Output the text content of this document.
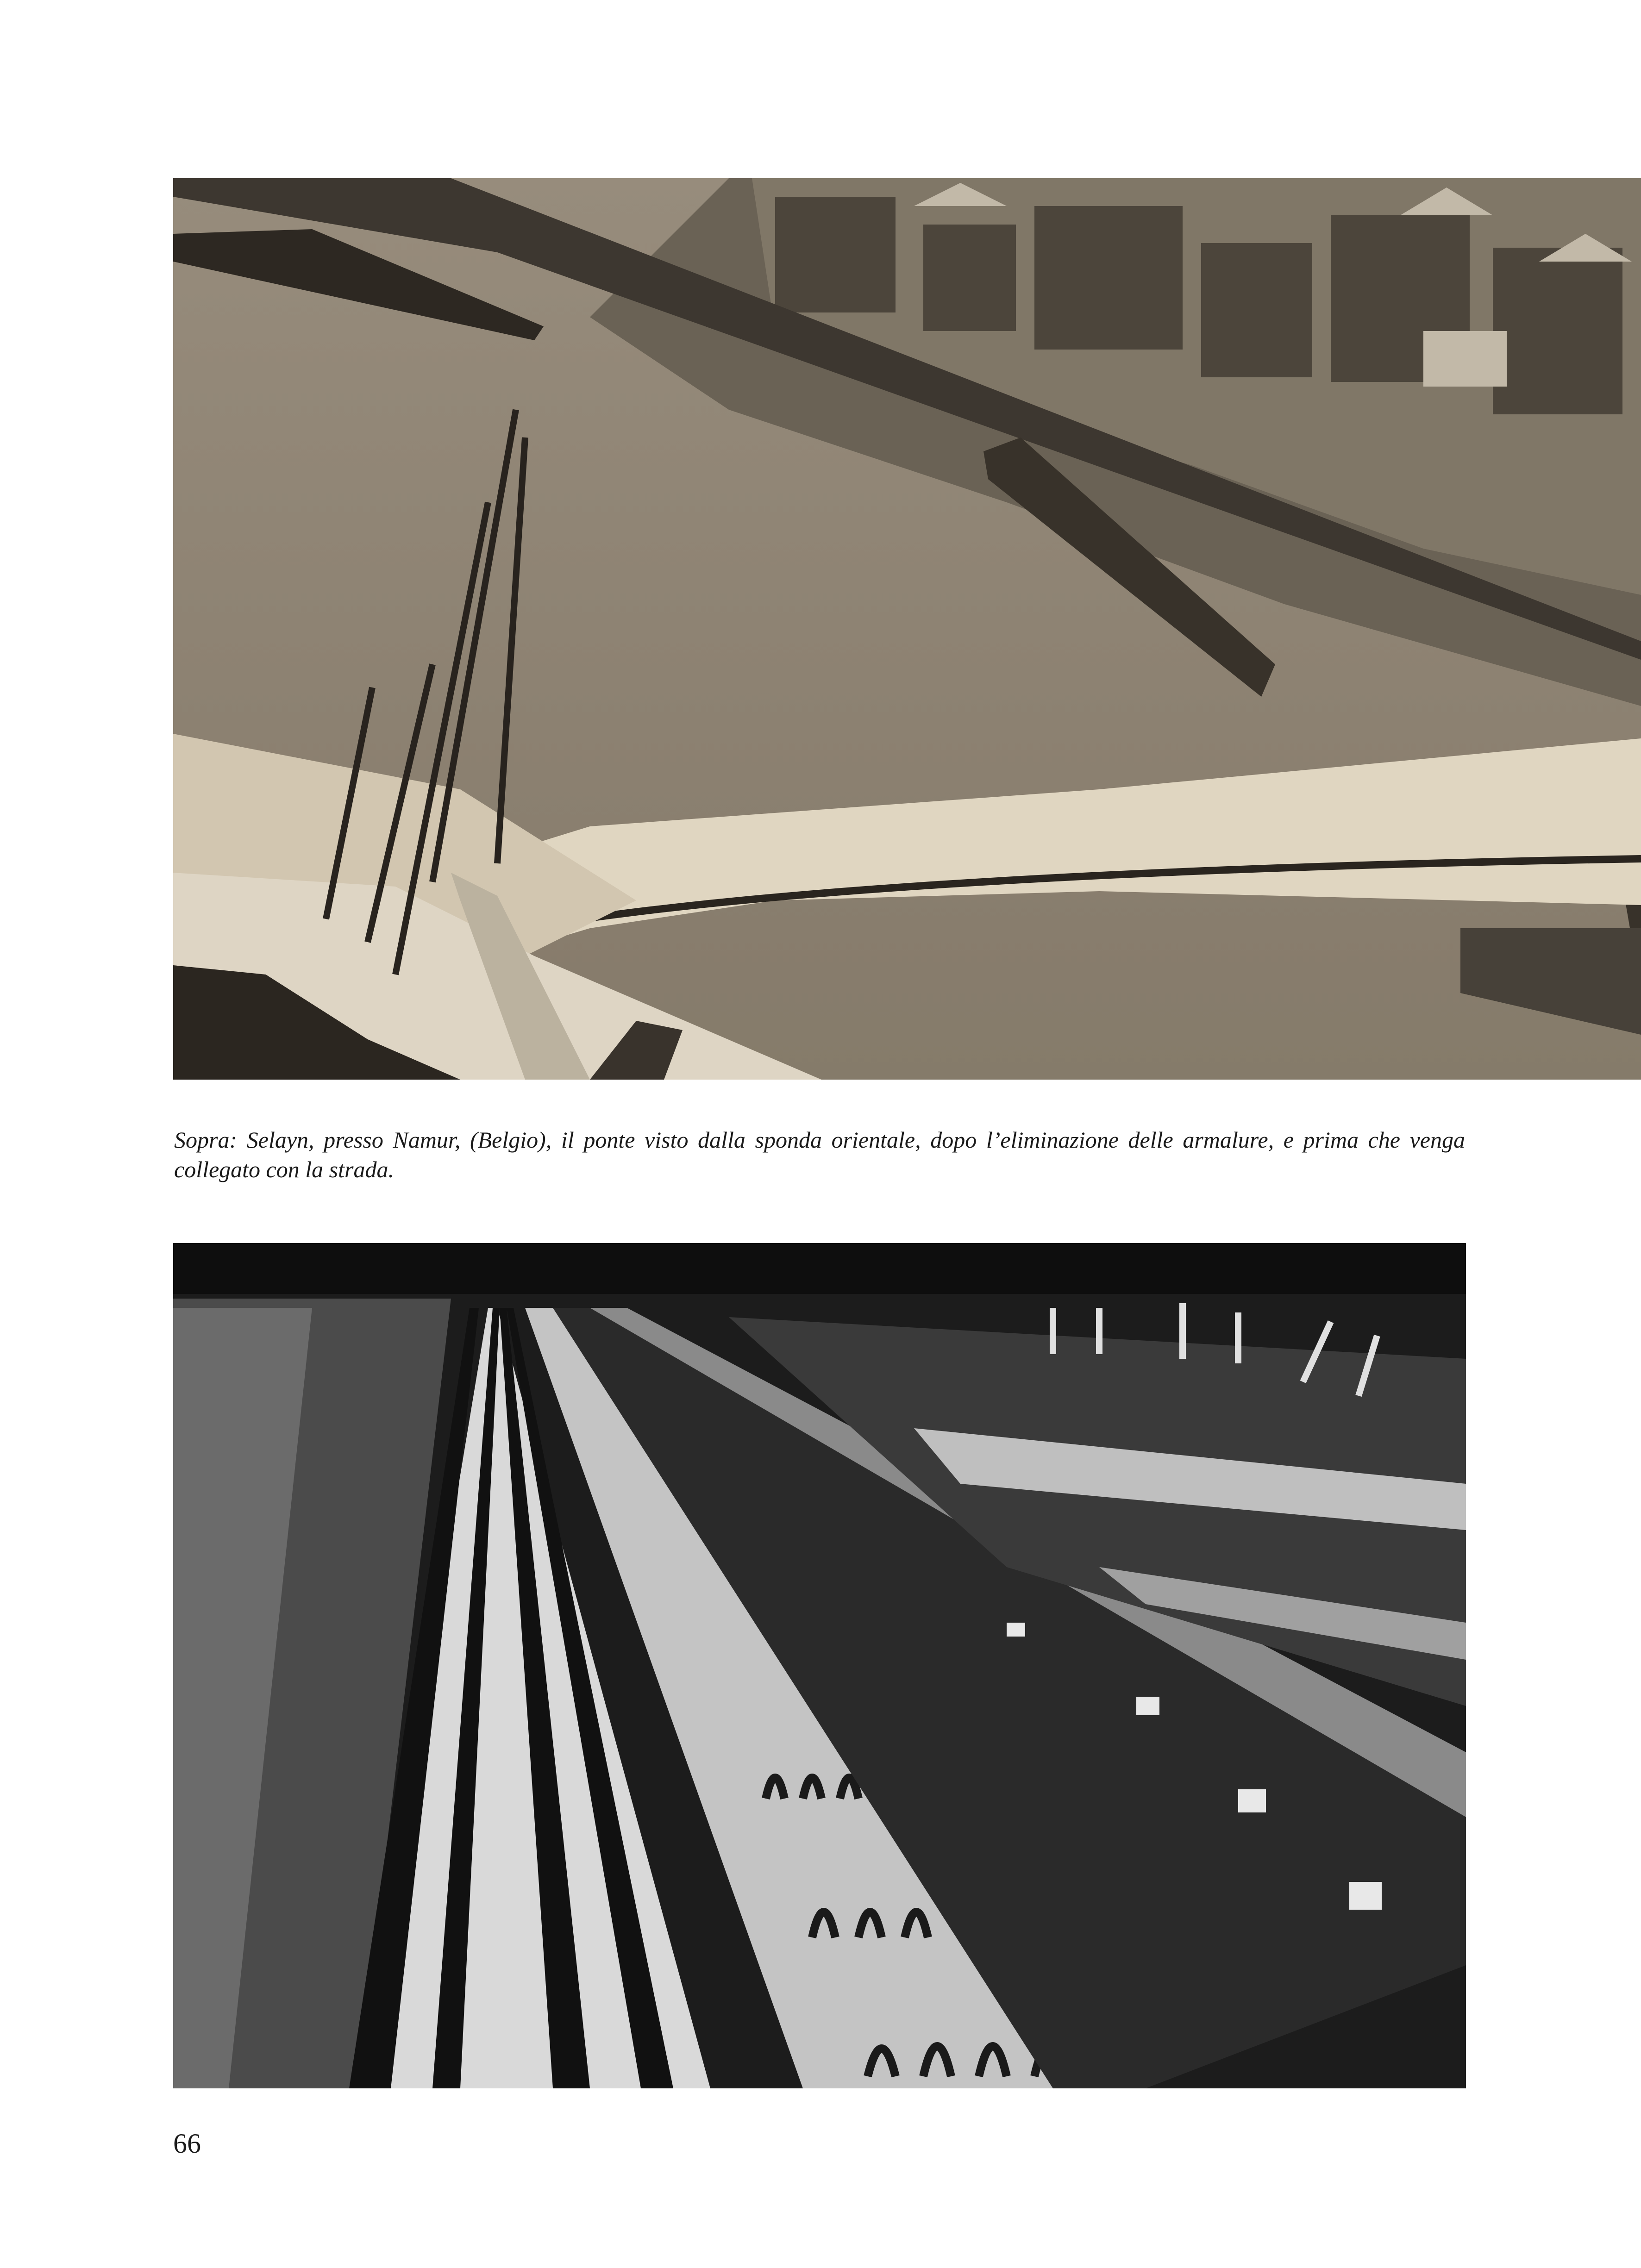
Sopra: Selayn, presso Namur, (Belgio), il ponte visto dalla sponda orientale, dopo l’eliminazione delle armalure, e prima che venga collegato con la strada.
66
